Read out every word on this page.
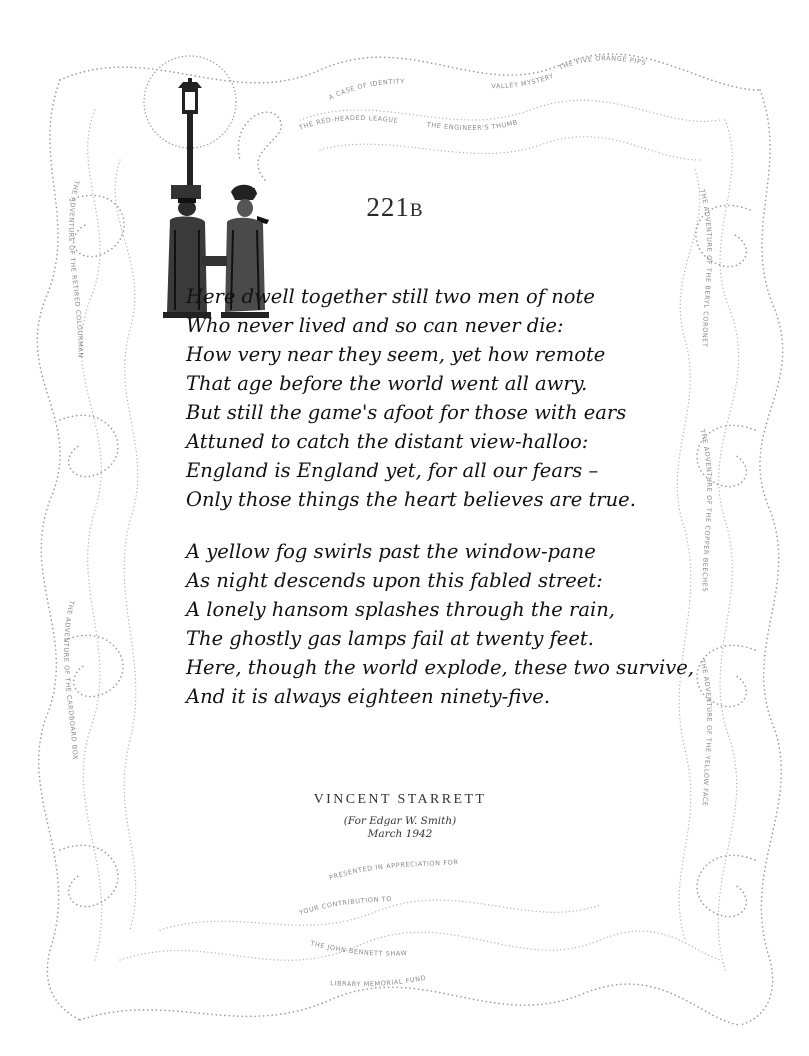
A CASE OF IDENTITY
THE RED-HEADED LEAGUE
THE FIVE ORANGE PIPS
THE ENGINEER'S THUMB
VALLEY MYSTERY
PRESENTED IN APPRECIATION FOR
YOUR CONTRIBUTION TO
THE JOHN BENNETT SHAW
LIBRARY MEMORIAL FUND
THE ADVENTURE OF THE RETIRED COLOURMAN
THE ADVENTURE OF THE CARDBOARD BOX
THE ADVENTURE OF THE BERYL CORONET
THE ADVENTURE OF THE COPPER BEECHES
THE ADVENTURE OF THE YELLOW FACE
221B
Here dwell together still two men of note
Who never lived and so can never die:
How very near they seem, yet how remote
That age before the world went all awry.
But still the game's afoot for those with ears
Attuned to catch the distant view-halloo:
England is England yet, for all our fears –
Only those things the heart believes are true.
A yellow fog swirls past the window-pane
As night descends upon this fabled street:
A lonely hansom splashes through the rain,
The ghostly gas lamps fail at twenty feet.
Here, though the world explode, these two survive,
And it is always eighteen ninety-five.
VINCENT STARRETT
(For Edgar W. Smith)
March 1942
